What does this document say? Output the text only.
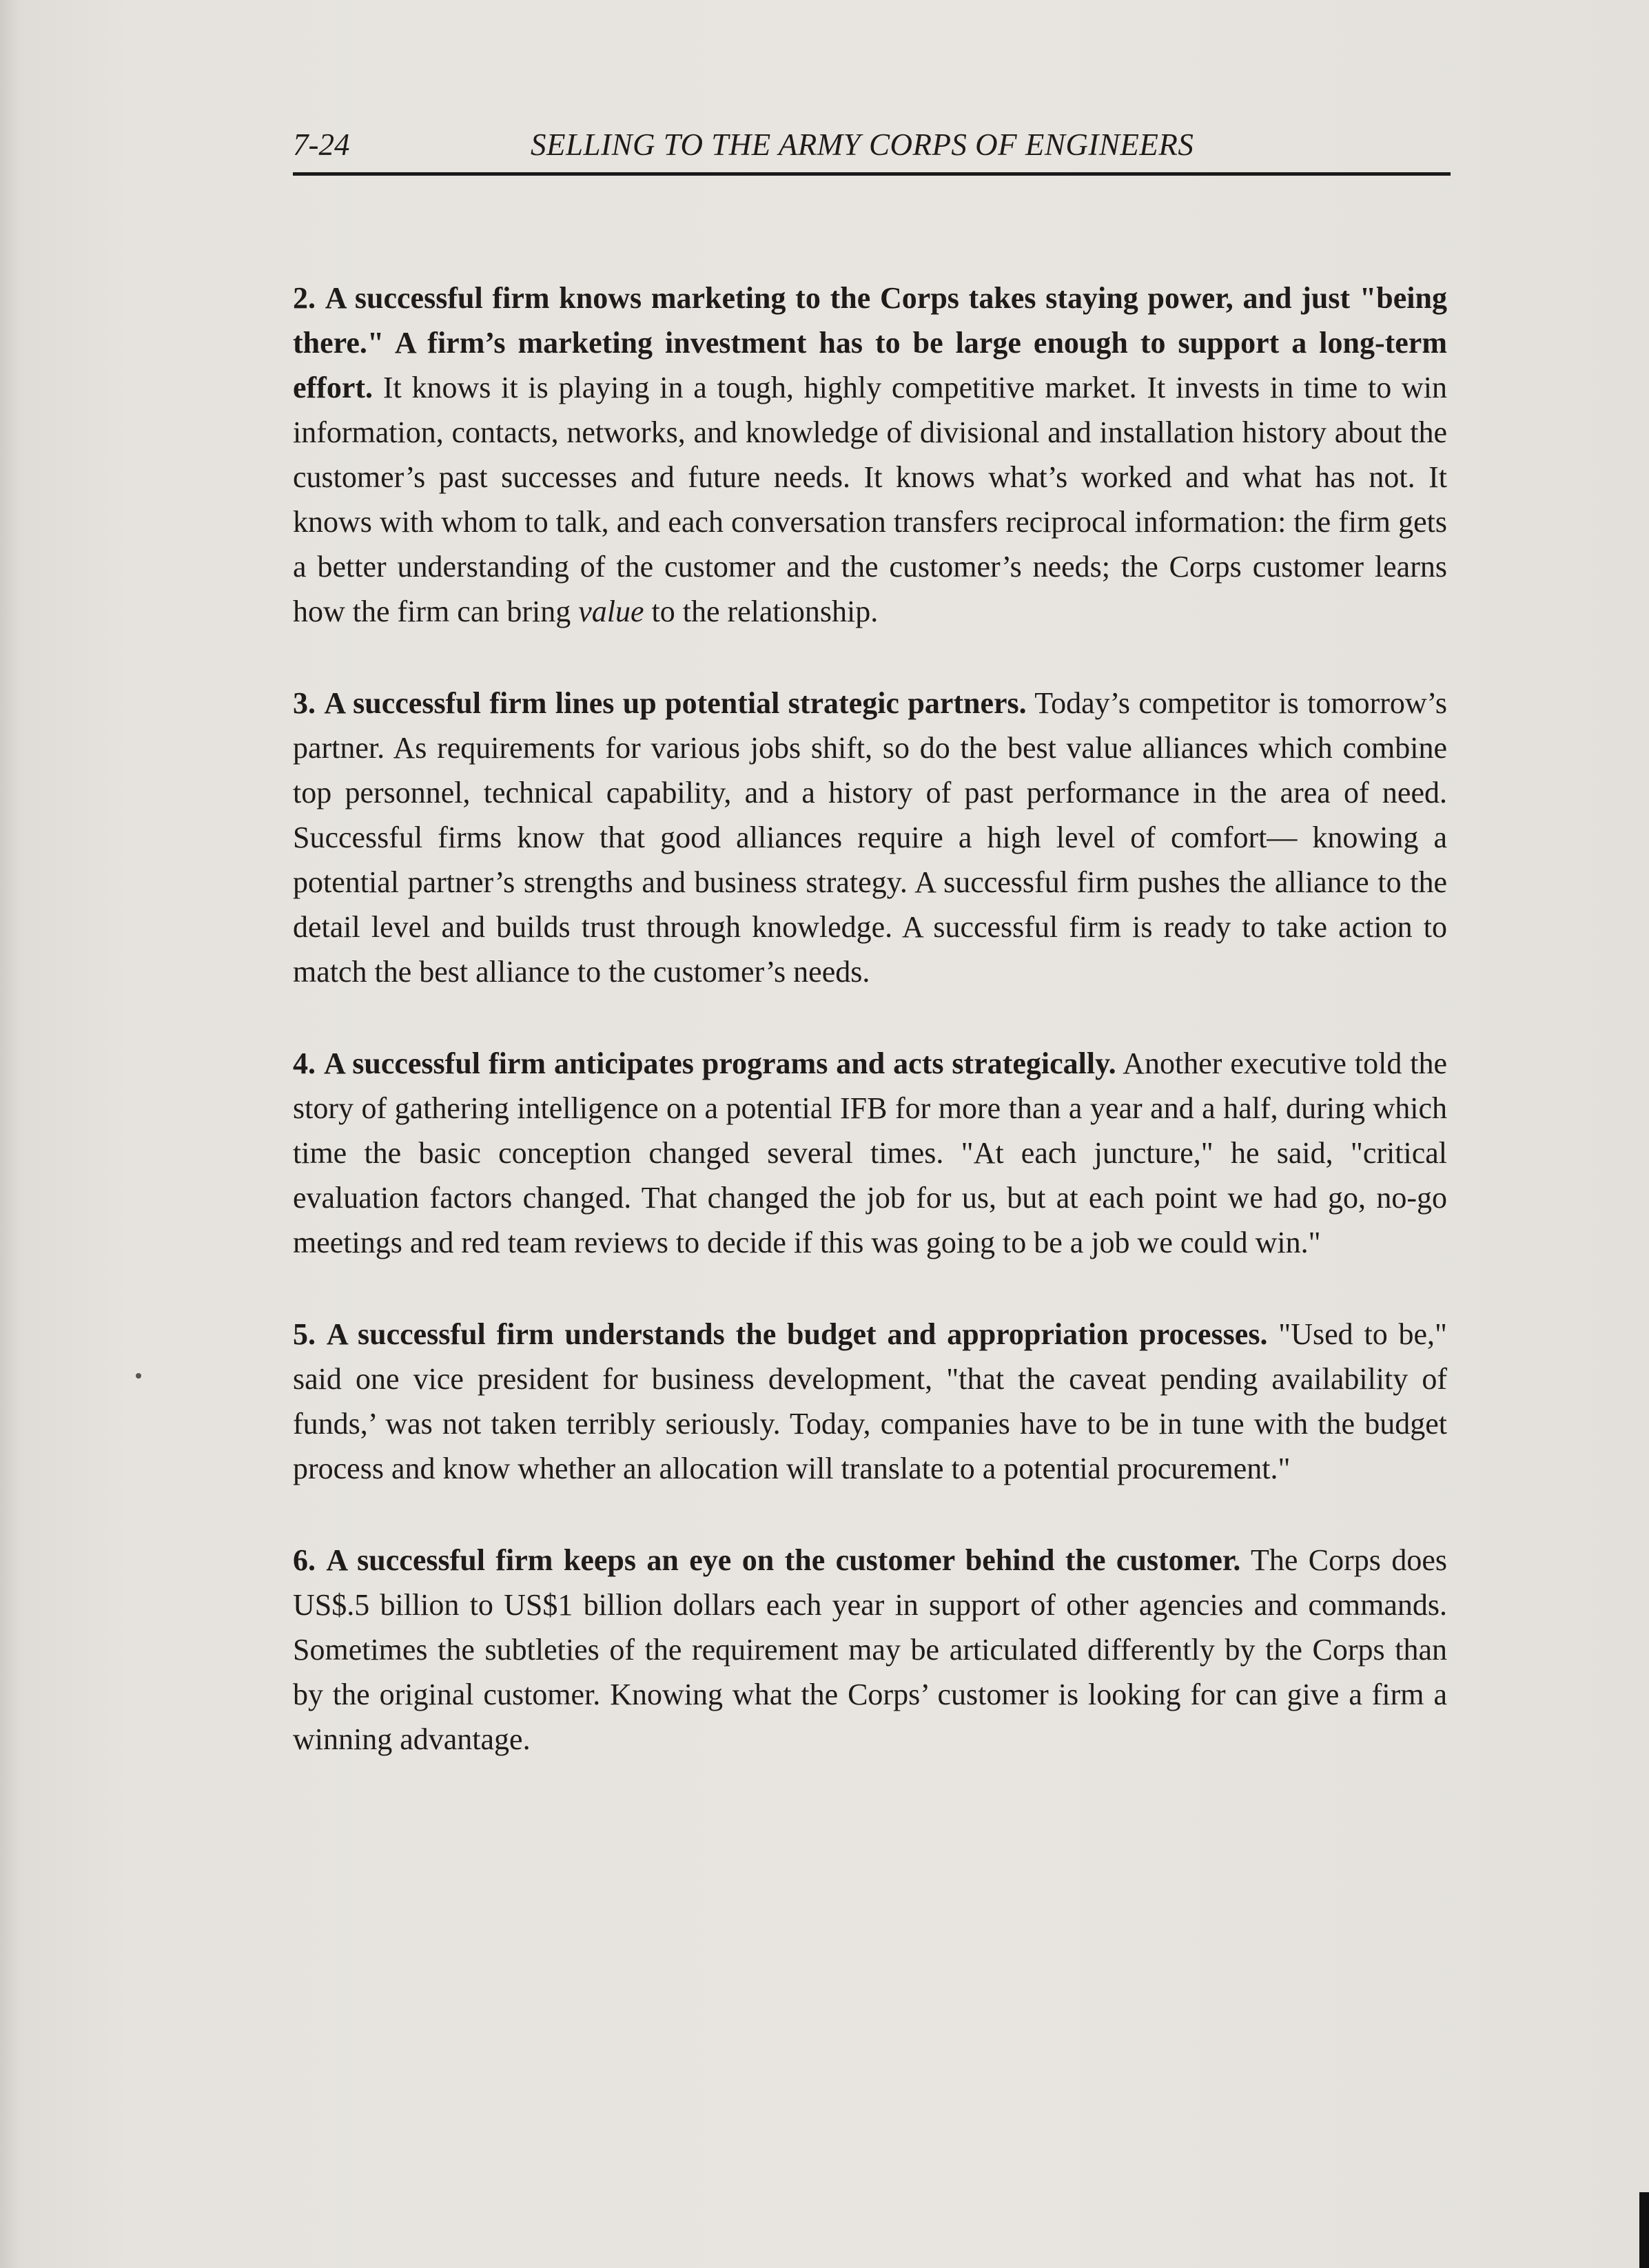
7-24	SELLING TO THE ARMY CORPS OF ENGINEERS

2. A successful firm knows marketing to the Corps takes staying power, and just "being there." A firm’s marketing investment has to be large enough to support a long-term effort. It knows it is playing in a tough, highly competitive market. It invests in time to win information, contacts, networks, and knowledge of divisional and installation history about the customer’s past successes and future needs. It knows what’s worked and what has not. It knows with whom to talk, and each conversation transfers reciprocal information: the firm gets a better understanding of the customer and the customer’s needs; the Corps customer learns how the firm can bring value to the relationship.

3. A successful firm lines up potential strategic partners. Today’s competitor is tomorrow’s partner. As requirements for various jobs shift, so do the best value alliances which combine top personnel, technical capability, and a history of past performance in the area of need. Successful firms know that good alliances require a high level of comfort— knowing a potential partner’s strengths and business strategy. A successful firm pushes the alliance to the detail level and builds trust through knowledge. A successful firm is ready to take action to match the best alliance to the customer’s needs.

4. A successful firm anticipates programs and acts strategically. Another executive told the story of gathering intelligence on a potential IFB for more than a year and a half, during which time the basic conception changed several times. "At each juncture," he said, "critical evaluation factors changed. That changed the job for us, but at each point we had go, no-go meetings and red team reviews to decide if this was going to be a job we could win."

5. A successful firm understands the budget and appropriation processes. "Used to be," said one vice president for business development, "that the caveat pending availability of funds,’ was not taken terribly seriously. Today, companies have to be in tune with the budget process and know whether an allocation will translate to a potential procurement."

6. A successful firm keeps an eye on the customer behind the customer. The Corps does US$.5 billion to US$1 billion dollars each year in support of other agencies and commands. Sometimes the subtleties of the requirement may be articulated differently by the Corps than by the original customer. Knowing what the Corps’ customer is looking for can give a firm a winning advantage.
